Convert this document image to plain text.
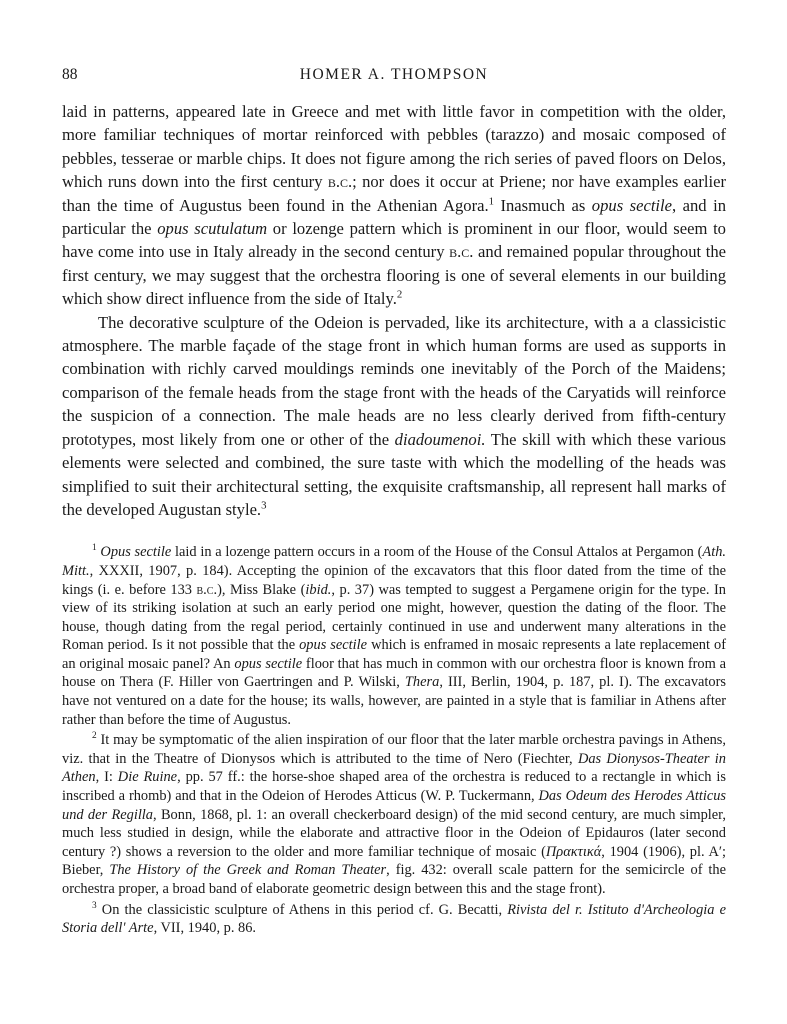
88	HOMER A. THOMPSON

laid in patterns, appeared late in Greece and met with little favor in competition with the older, more familiar techniques of mortar reinforced with pebbles (tarazzo) and mosaic composed of pebbles, tesserae or marble chips. It does not figure among the rich series of paved floors on Delos, which runs down into the first century b.c.; nor does it occur at Priene; nor have examples earlier than the time of Augustus been found in the Athenian Agora.$^1$ Inasmuch as opus sectile, and in particular the opus scutulatum or lozenge pattern which is prominent in our floor, would seem to have come into use in Italy already in the second century b.c. and remained popular throughout the first century, we may suggest that the orchestra flooring is one of several elements in our building which show direct influence from the side of Italy.$^2$

The decorative sculpture of the Odeion is pervaded, like its architecture, with a a classicistic atmosphere. The marble façade of the stage front in which human forms are used as supports in combination with richly carved mouldings reminds one inevitably of the Porch of the Maidens; comparison of the female heads from the stage front with the heads of the Caryatids will reinforce the suspicion of a connection. The male heads are no less clearly derived from fifth-century prototypes, most likely from one or other of the diadoumenoi. The skill with which these various elements were selected and combined, the sure taste with which the modelling of the heads was simplified to suit their architectural setting, the exquisite craftsmanship, all represent hall marks of the developed Augustan style.$^3$

$^1$ Opus sectile laid in a lozenge pattern occurs in a room of the House of the Consul Attalos at Pergamon (Ath. Mitt., XXXII, 1907, p. 184). Accepting the opinion of the excavators that this floor dated from the time of the kings (i. e. before 133 b.c.), Miss Blake (ibid., p. 37) was tempted to suggest a Pergamene origin for the type. In view of its striking isolation at such an early period one might, however, question the dating of the floor. The house, though dating from the regal period, certainly continued in use and underwent many alterations in the Roman period. Is it not possible that the opus sectile which is enframed in mosaic represents a late replacement of an original mosaic panel? An opus sectile floor that has much in common with our orchestra floor is known from a house on Thera (F. Hiller von Gaertringen and P. Wilski, Thera, III, Berlin, 1904, p. 187, pl. I). The excavators have not ventured on a date for the house; its walls, however, are painted in a style that is familiar in Athens after rather than before the time of Augustus.

$^2$ It may be symptomatic of the alien inspiration of our floor that the later marble orchestra pavings in Athens, viz. that in the Theatre of Dionysos which is attributed to the time of Nero (Fiechter, Das Dionysos-Theater in Athen, I: Die Ruine, pp. 57 ff.: the horse-shoe shaped area of the orchestra is reduced to a rectangle in which is inscribed a rhomb) and that in the Odeion of Herodes Atticus (W. P. Tuckermann, Das Odeum des Herodes Atticus und der Regilla, Bonn, 1868, pl. 1: an overall checkerboard design) of the mid second century, are much simpler, much less studied in design, while the elaborate and attractive floor in the Odeion of Epidauros (later second century ?) shows a reversion to the older and more familiar technique of mosaic (Πρακτικά, 1904 (1906), pl. A′; Bieber, The History of the Greek and Roman Theater, fig. 432: overall scale pattern for the semicircle of the orchestra proper, a broad band of elaborate geometric design between this and the stage front).

$^3$ On the classicistic sculpture of Athens in this period cf. G. Becatti, Rivista del r. Istituto d'Archeologia e Storia dell' Arte, VII, 1940, p. 86.
